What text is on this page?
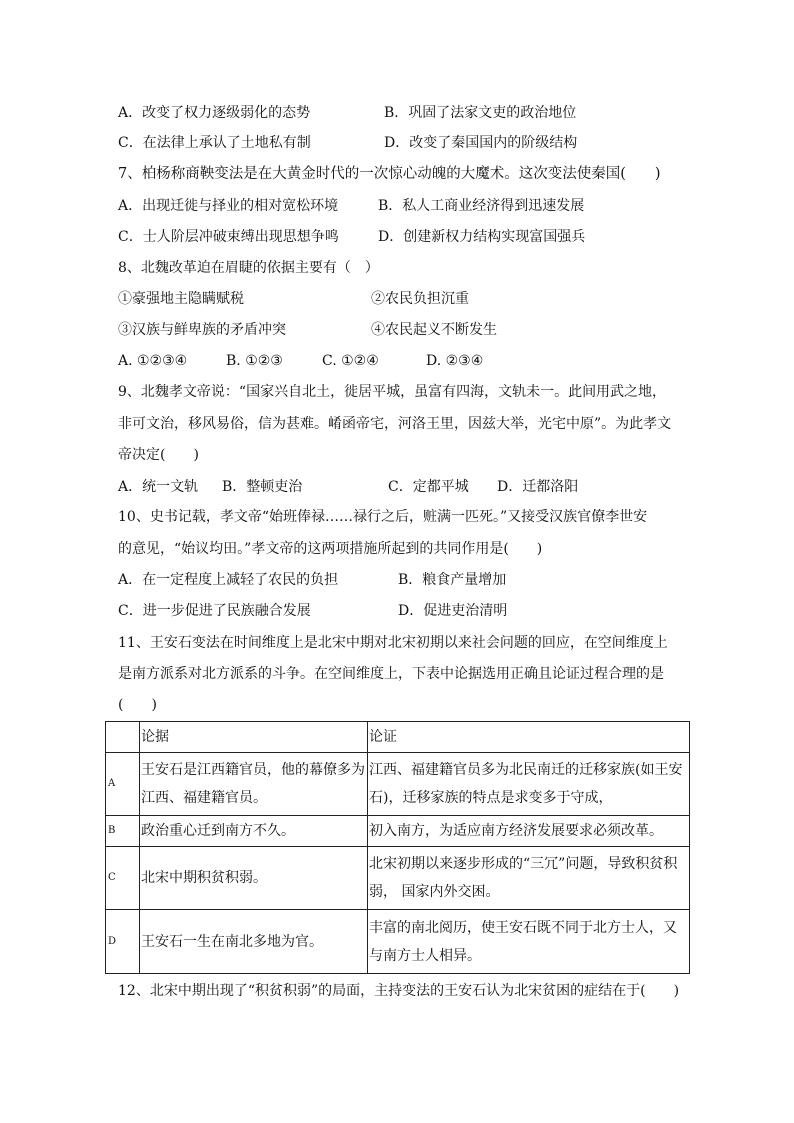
A．改变了权力逐级弱化的态势	B．巩固了法家文吏的政治地位
C．在法律上承认了土地私有制	D．改变了秦国国内的阶级结构
7、柏杨称商鞅变法是在大黄金时代的一次惊心动魄的大魔术。这次变法使秦国(　　)
A．出现迁徙与择业的相对宽松环境	B．私人工商业经济得到迅速发展
C．士人阶层冲破束缚出现思想争鸣	D．创建新权力结构实现富国强兵
8、北魏改革迫在眉睫的依据主要有（　）
①豪强地主隐瞒赋税	②农民负担沉重
③汉族与鲜卑族的矛盾冲突	④农民起义不断发生
A. ①②③④	B. ①②③	C. ①②④	D. ②③④
9、北魏孝文帝说：“国家兴自北土，徙居平城，虽富有四海，文轨未一。此间用武之地，
非可文治，移风易俗，信为甚难。崤函帝宅，河洛王里，因兹大举，光宅中原”。为此孝文
帝决定(　　)
A．统一文轨 B．整顿吏治	C．定都平城 D．迁都洛阳
10、史书记载，孝文帝“始班俸禄……禄行之后，赃满一匹死。”又接受汉族官僚李世安
的意见，“始议均田。”孝文帝的这两项措施所起到的共同作用是(　　)
A．在一定程度上减轻了农民的负担	B．粮食产量增加
C．进一步促进了民族融合发展	D．促进吏治清明
11、王安石变法在时间维度上是北宋中期对北宋初期以来社会问题的回应，在空间维度上
是南方派系对北方派系的斗争。在空间维度上，下表中论据选用正确且论证过程合理的是
(　　)
	论据	论证
A	王安石是江西籍官员，他的幕僚多为江西、福建籍官员。	江西、福建籍官员多为北民南迁的迁移家族(如王安石)，迁移家族的特点是求变多于守成，
B	政治重心迁到南方不久。	初入南方，为适应南方经济发展要求必须改革。
C	北宋中期积贫积弱。	北宋初期以来逐步形成的“三冗”问题，导致积贫积弱， 国家内外交困。
D	王安石一生在南北多地为官。	丰富的南北阅历，使王安石既不同于北方士人，又与南方士人相异。
12、北宋中期出现了“积贫积弱”的局面，主持变法的王安石认为北宋贫困的症结在于(　　)
